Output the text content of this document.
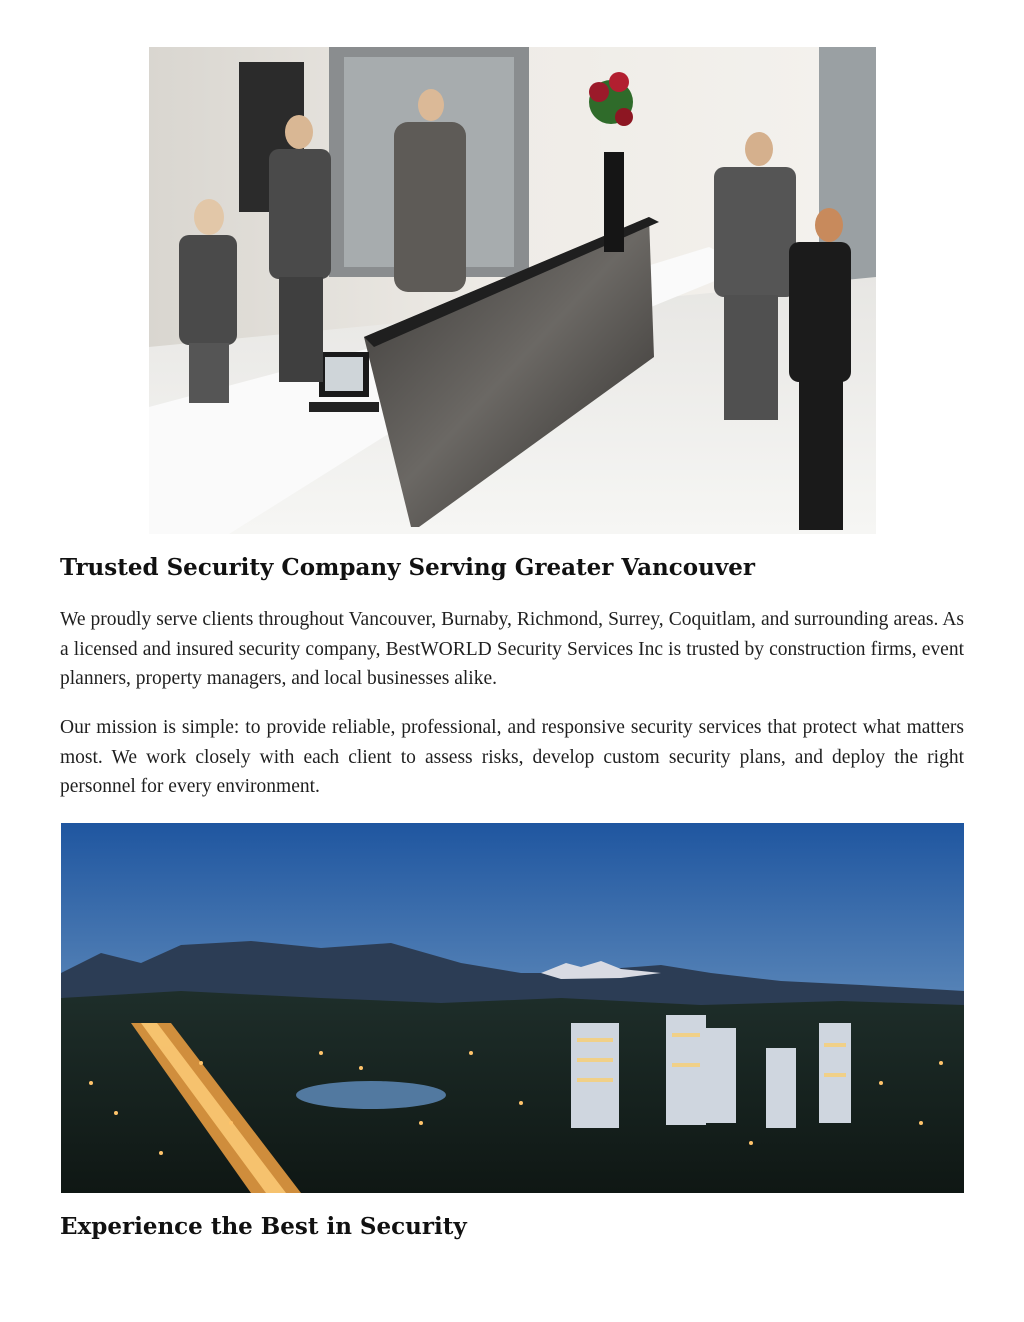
Trusted Security Company Serving Greater Vancouver

We proudly serve clients throughout Vancouver, Burnaby, Richmond, Surrey, Coquitlam, and surrounding areas. As a licensed and insured security company, BestWORLD Security Services Inc is trusted by construction firms, event planners, property managers, and local businesses alike.

Our mission is simple: to provide reliable, professional, and responsive security services that protect what matters most. We work closely with each client to assess risks, develop custom security plans, and deploy the right personnel for every environment.

Experience the Best in Security
